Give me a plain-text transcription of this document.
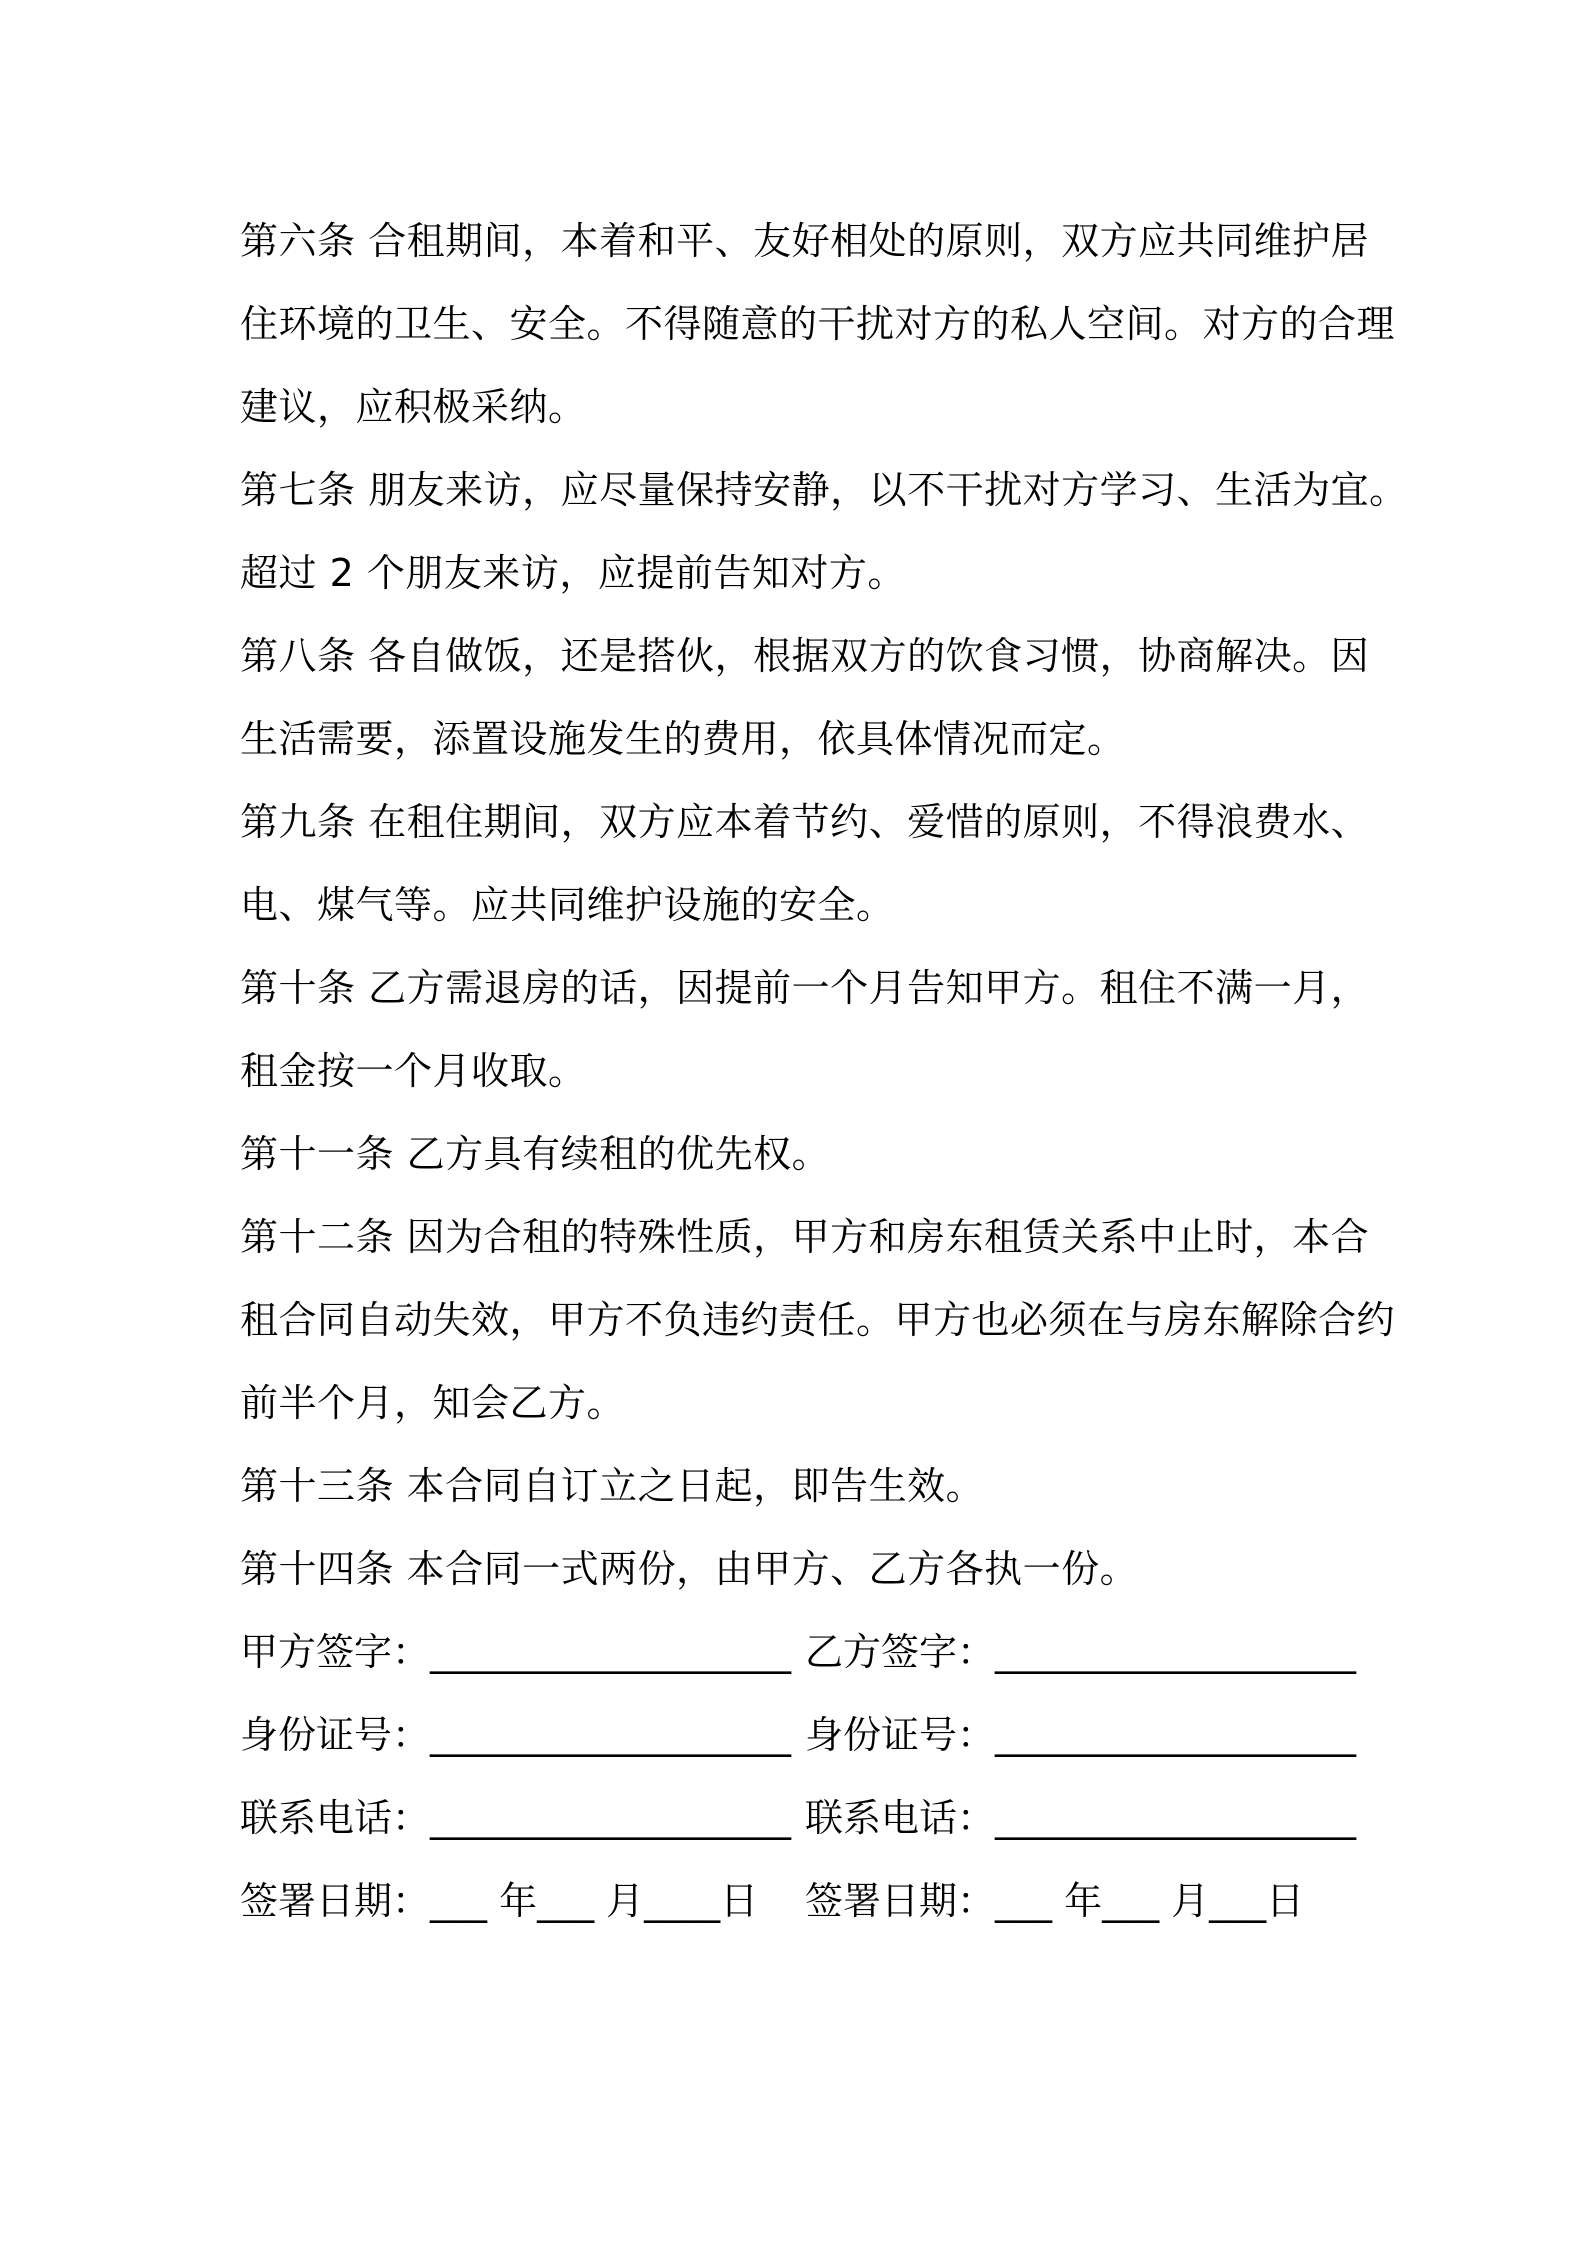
第六条 合租期间，本着和平、友好相处的原则，双方应共同维护居
住环境的卫生、安全。不得随意的干扰对方的私人空间。对方的合理
建议，应积极采纳。
第七条 朋友来访，应尽量保持安静，以不干扰对方学习、生活为宜。
超过 2 个朋友来访，应提前告知对方。
第八条 各自做饭，还是搭伙，根据双方的饮食习惯，协商解决。因
生活需要，添置设施发生的费用，依具体情况而定。
第九条 在租住期间，双方应本着节约、爱惜的原则，不得浪费水、
电、煤气等。应共同维护设施的安全。
第十条 乙方需退房的话，因提前一个月告知甲方。租住不满一月，
租金按一个月收取。
第十一条 乙方具有续租的优先权。
第十二条 因为合租的特殊性质，甲方和房东租赁关系中止时，本合
租合同自动失效，甲方不负违约责任。甲方也必须在与房东解除合约
前半个月，知会乙方。
第十三条 本合同自订立之日起，即告生效。
第十四条 本合同一式两份，由甲方、乙方各执一份。
甲方签字：___________________ 乙方签字：___________________
身份证号：___________________ 身份证号：___________________
联系电话：___________________ 联系电话：___________________
签署日期：___ 年___ 月____日 签署日期：___ 年___ 月___日
